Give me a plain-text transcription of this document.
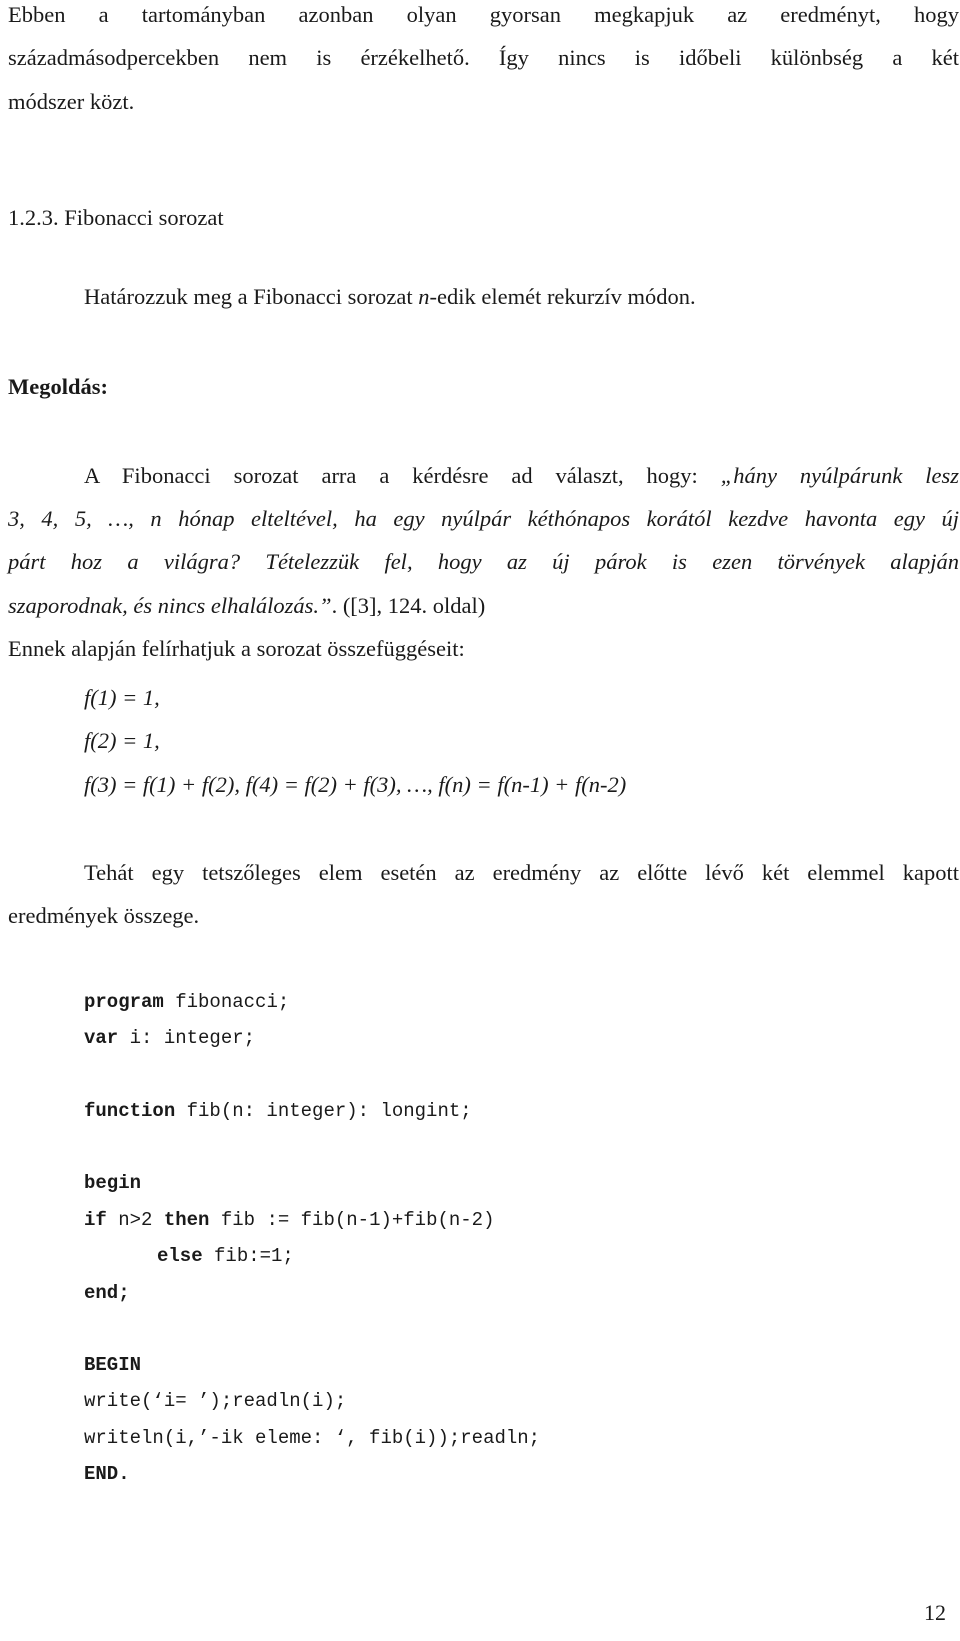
Ebben a tartományban azonban olyan gyorsan megkapjuk az eredményt, hogy
századmásodpercekben nem is érzékelhető. Így nincs is időbeli különbség a két
módszer közt.
1.2.3. Fibonacci sorozat
Határozzuk meg a Fibonacci sorozat n-edik elemét rekurzív módon.
Megoldás:
A Fibonacci sorozat arra a kérdésre ad választ, hogy: „hány nyúlpárunk lesz
3, 4, 5, …, n hónap elteltével, ha egy nyúlpár kéthónapos korától kezdve havonta egy új
párt hoz a világra? Tételezzük fel, hogy az új párok is ezen törvények alapján
szaporodnak, és nincs elhalálozás.”. ([3], 124. oldal)
Ennek alapján felírhatjuk a sorozat összefüggéseit:
f(1) = 1,
f(2) = 1,
f(3) = f(1) + f(2), f(4) = f(2) + f(3), …, f(n) = f(n-1) + f(n-2)
Tehát egy tetszőleges elem esetén az eredmény az előtte lévő két elemmel kapott
eredmények összege.
program fibonacci;
var i: integer;
function fib(n: integer): longint;
begin
if n>2 then fib := fib(n-1)+fib(n-2)
else fib:=1;
end;
BEGIN
write(‘i= ’);readln(i);
writeln(i,’-ik eleme: ‘, fib(i));readln;
END.
12
